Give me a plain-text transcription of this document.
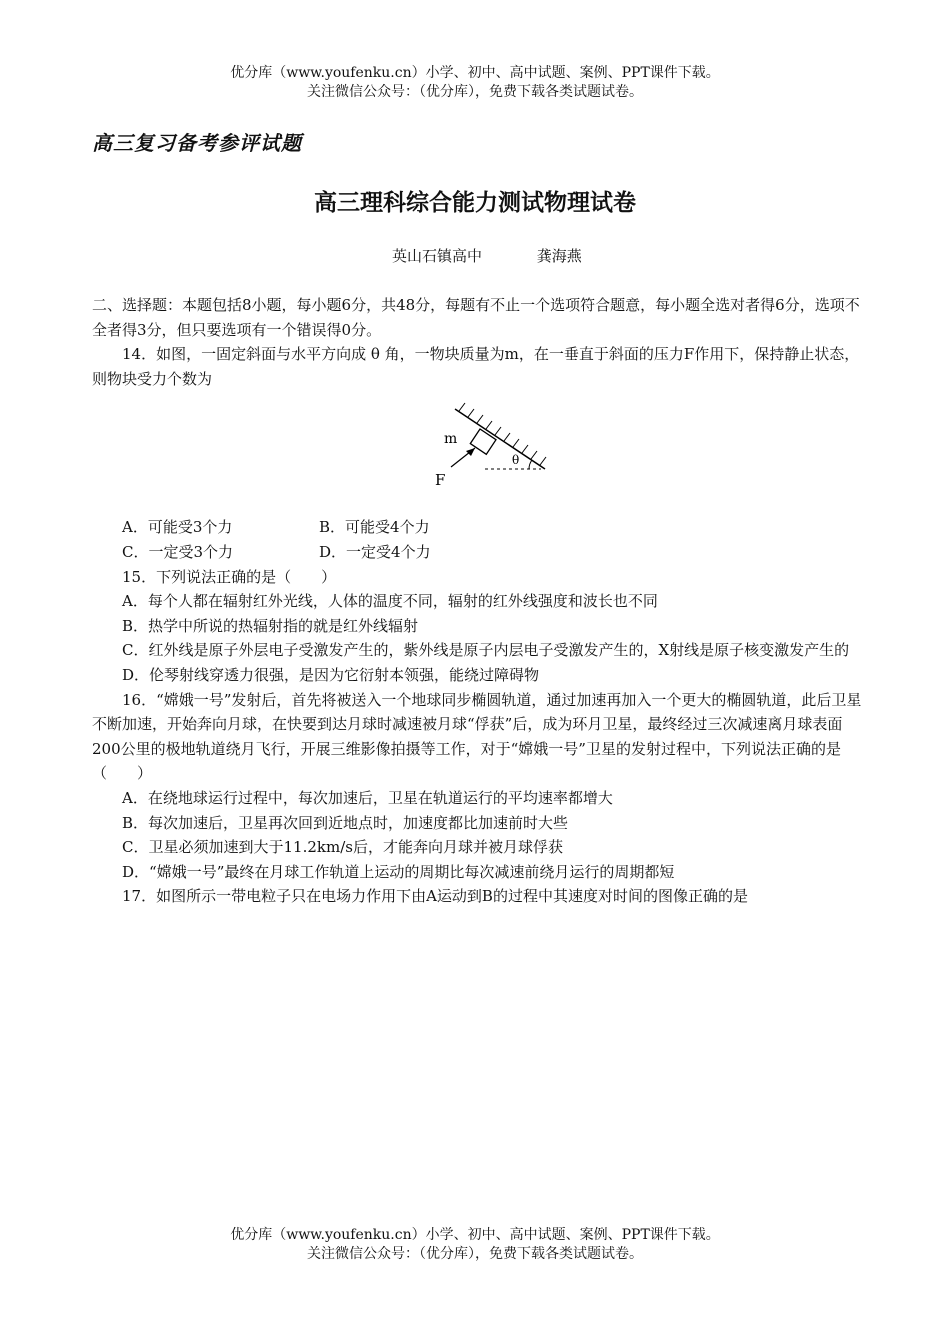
优分库（www.youfenku.cn）小学、初中、高中试题、案例、PPT课件下载。
关注微信公众号：（优分库），免费下载各类试题试卷。
高三复习备考参评试题
高三理科综合能力测试物理试卷
英山石镇高中	龚海燕

二、选择题：本题包括8小题，每小题6分，共48分，每题有不止一个选项符合题意，每小题全选对者得6分，选项不全者得3分，但只要选项有一个错误得0分。

14．如图，一固定斜面与水平方向成 θ 角，一物块质量为m，在一垂直于斜面的压力F作用下，保持静止状态，则物块受力个数为

θ
m
F
A．可能受3个力	B．可能受4个力
C．一定受3个力	D．一定受4个力

15．下列说法正确的是（　　）

A．每个人都在辐射红外光线，人体的温度不同，辐射的红外线强度和波长也不同

B．热学中所说的热辐射指的就是红外线辐射

C．红外线是原子外层电子受激发产生的，紫外线是原子内层电子受激发产生的，X射线是原子核变激发产生的

D．伦琴射线穿透力很强，是因为它衍射本领强，能绕过障碍物

16．“嫦娥一号”发射后，首先将被送入一个地球同步椭圆轨道，通过加速再加入一个更大的椭圆轨道，此后卫星不断加速，开始奔向月球，在快要到达月球时减速被月球“俘获”后，成为环月卫星，最终经过三次减速离月球表面200公里的极地轨道绕月飞行，开展三维影像拍摄等工作，对于“嫦娥一号”卫星的发射过程中，下列说法正确的是（　　）

A．在绕地球运行过程中，每次加速后，卫星在轨道运行的平均速率都增大

B．每次加速后，卫星再次回到近地点时，加速度都比加速前时大些

C．卫星必须加速到大于11.2km/s后，才能奔向月球并被月球俘获

D．“嫦娥一号”最终在月球工作轨道上运动的周期比每次减速前绕月运行的周期都短

17．如图所示一带电粒子只在电场力作用下由A运动到B的过程中其速度对时间的图像正确的是

优分库（www.youfenku.cn）小学、初中、高中试题、案例、PPT课件下载。
关注微信公众号：（优分库），免费下载各类试题试卷。
